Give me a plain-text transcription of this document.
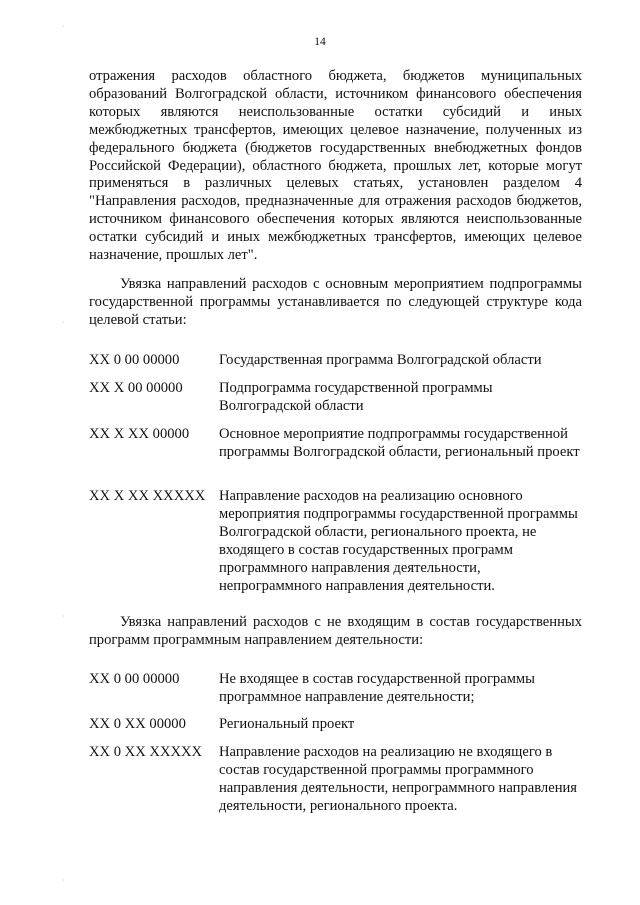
14
·
·
·
·

отражения расходов областного бюджета, бюджетов муниципальных образований Волгоградской области, источником финансового обеспечения которых являются неиспользованные остатки субсидий и иных межбюджетных трансфертов, имеющих целевое назначение, полученных из федерального бюджета (бюджетов государственных внебюджетных фондов Российской Федерации), областного бюджета, прошлых лет, которые могут применяться в различных целевых статьях, установлен разделом 4 "Направления расходов, предназначенные для отражения расходов бюджетов, источником финансового обеспечения которых являются неиспользованные остатки субсидий и иных межбюджетных трансфертов, имеющих целевое назначение, прошлых лет".

Увязка направлений расходов с основным мероприятием подпрограммы государственной программы устанавливается по следующей структуре кода целевой статьи:

XX 0 00 00000	Государственная программа Волгоградской области
XX X 00 00000 Подпрограмма государственной программы Волгоградской области
XX X XX 00000 Основное мероприятие подпрограммы государственной программы Волгоградской области, региональный проект
XX X XX XXXXX Направление расходов на реализацию основного мероприятия подпрограммы государственной программы Волгоградской области, регионального проекта, не входящего в состав государственных программ программного направления деятельности, непрограммного направления деятельности.

Увязка направлений расходов с не входящим в состав государственных программ программным направлением деятельности:

XX 0 00 00000	Не входящее в состав государственной программы программное направление деятельности;
XX 0 XX 00000 Региональный проект
XX 0 XX XXXXX Направление расходов на реализацию не входящего в состав государственной программы программного направления деятельности, непрограммного направления деятельности, регионального проекта.
